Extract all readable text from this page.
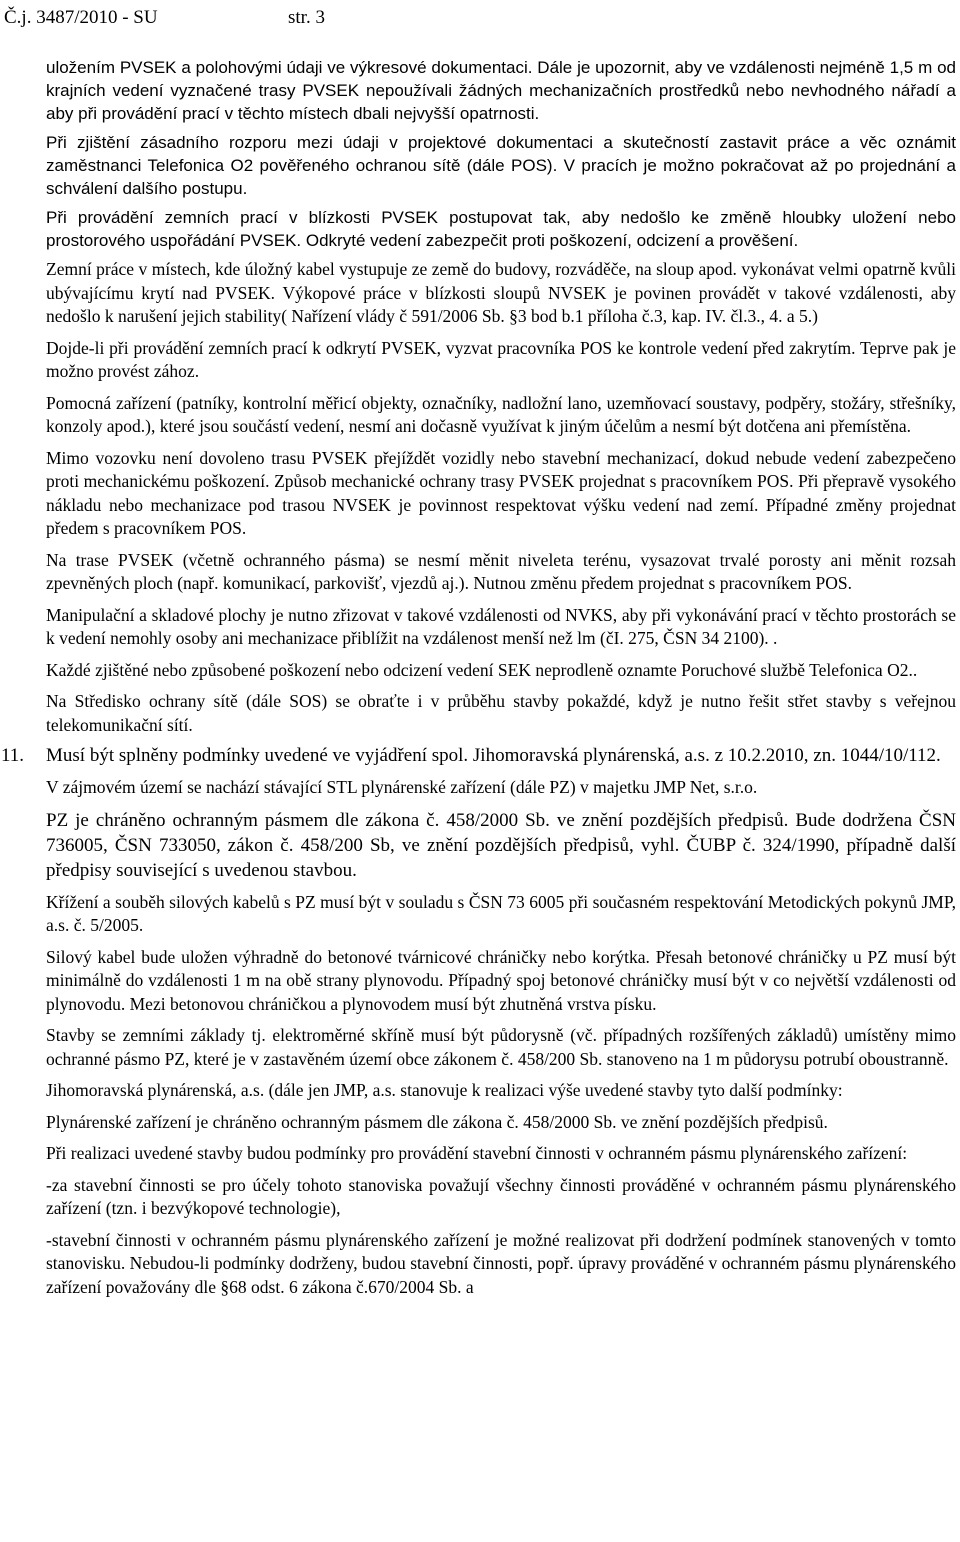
Č.j. 3487/2010 - SU	str. 3

uložením PVSEK a polohovými údaji ve výkresové dokumentaci. Dále je upozornit, aby ve vzdálenosti nejméně 1,5 m od krajních vedení vyznačené trasy PVSEK nepoužívali žádných mechanizačních prostředků nebo nevhodného nářadí a aby při provádění prací v těchto místech dbali nejvyšší opatrnosti.

Při zjištění zásadního rozporu mezi údaji v projektové dokumentaci a skutečností zastavit práce a věc oznámit zaměstnanci Telefonica O2 pověřeného ochranou sítě (dále POS). V pracích je možno pokračovat až po projednání a schválení dalšího postupu.

Při provádění zemních prací v blízkosti PVSEK postupovat tak, aby nedošlo ke změně hloubky uložení nebo prostorového uspořádání PVSEK. Odkryté vedení zabezpečit proti poškození, odcizení a prověšení.

Zemní práce v místech, kde úložný kabel vystupuje ze země do budovy, rozváděče, na sloup apod. vykonávat velmi opatrně kvůli ubývajícímu krytí nad PVSEK. Výkopové práce v blízkosti sloupů NVSEK je povinen provádět v takové vzdálenosti, aby nedošlo k narušení jejich stability( Nařízení vlády č 591/2006 Sb. §3 bod b.1 příloha č.3, kap. IV. čl.3., 4. a 5.)

Dojde-li při provádění zemních prací k odkrytí PVSEK, vyzvat pracovníka POS ke kontrole vedení před zakrytím. Teprve pak je možno provést zához.

Pomocná zařízení (patníky, kontrolní měřicí objekty, označníky, nadložní lano, uzemňovací soustavy, podpěry, stožáry, střešníky, konzoly apod.), které jsou součástí vedení, nesmí ani dočasně využívat k jiným účelům a nesmí být dotčena ani přemístěna.

Mimo vozovku není dovoleno trasu PVSEK přejíždět vozidly nebo stavební mechanizací, dokud nebude vedení zabezpečeno proti mechanickému poškození. Způsob mechanické ochrany trasy PVSEK projednat s pracovníkem POS. Při přepravě vysokého nákladu nebo mechanizace pod trasou NVSEK je povinnost respektovat výšku vedení nad zemí. Případné změny projednat předem s pracovníkem POS.

Na trase PVSEK (včetně ochranného pásma) se nesmí měnit niveleta terénu, vysazovat trvalé porosty ani měnit rozsah zpevněných ploch (např. komunikací, parkovišť, vjezdů aj.). Nutnou změnu předem projednat s pracovníkem POS.

Manipulační a skladové plochy je nutno zřizovat v takové vzdálenosti od NVKS, aby při vykonávání prací v těchto prostorách se k vedení nemohly osoby ani mechanizace přiblížit na vzdálenost menší než lm (čI. 275, ČSN 34 2100). .

Každé zjištěné nebo způsobené poškození nebo odcizení vedení SEK neprodleně oznamte Poruchové službě Telefonica O2..

Na Středisko ochrany sítě (dále SOS) se obraťte i v průběhu stavby pokaždé, když je nutno řešit střet stavby s veřejnou telekomunikační sítí.

11. Musí být splněny podmínky uvedené ve vyjádření spol. Jihomoravská plynárenská, a.s. z 10.2.2010, zn. 1044/10/112.

V zájmovém území se nachází stávající STL plynárenské zařízení (dále PZ) v majetku JMP Net, s.r.o.

PZ je chráněno ochranným pásmem dle zákona č. 458/2000 Sb. ve znění pozdějších předpisů. Bude dodržena ČSN 736005, ČSN 733050, zákon č. 458/200 Sb, ve znění pozdějších předpisů, vyhl. ČUBP č. 324/1990, případně další předpisy související s uvedenou stavbou.

Křížení a souběh silových kabelů s PZ musí být v souladu s ČSN 73 6005 při současném respektování Metodických pokynů JMP, a.s. č. 5/2005.

Silový kabel bude uložen výhradně do betonové tvárnicové chráničky nebo korýtka. Přesah betonové chráničky u PZ musí být minimálně do vzdálenosti 1 m na obě strany plynovodu. Případný spoj betonové chráničky musí být v co největší vzdálenosti od plynovodu. Mezi betonovou chráničkou a plynovodem musí být zhutněná vrstva písku.

Stavby se zemními základy tj. elektroměrné skříně musí být půdorysně (vč. případných rozšířených základů) umístěny mimo ochranné pásmo PZ, které je v zastavěném území obce zákonem č. 458/200 Sb. stanoveno na 1 m půdorysu potrubí oboustranně.

Jihomoravská plynárenská, a.s. (dále jen JMP, a.s. stanovuje k realizaci výše uvedené stavby tyto další podmínky:

Plynárenské zařízení je chráněno ochranným pásmem dle zákona č. 458/2000 Sb. ve znění pozdějších předpisů.

Při realizaci uvedené stavby budou podmínky pro provádění stavební činnosti v ochranném pásmu plynárenského zařízení:

-za stavební činnosti se pro účely tohoto stanoviska považují všechny činnosti prováděné v ochranném pásmu plynárenského zařízení (tzn. i bezvýkopové technologie),

-stavební činnosti v ochranném pásmu plynárenského zařízení je možné realizovat při dodržení podmínek stanovených v tomto stanovisku. Nebudou-li podmínky dodrženy, budou stavební činnosti, popř. úpravy prováděné v ochranném pásmu plynárenského zařízení považovány dle §68 odst. 6 zákona č.670/2004 Sb. a
